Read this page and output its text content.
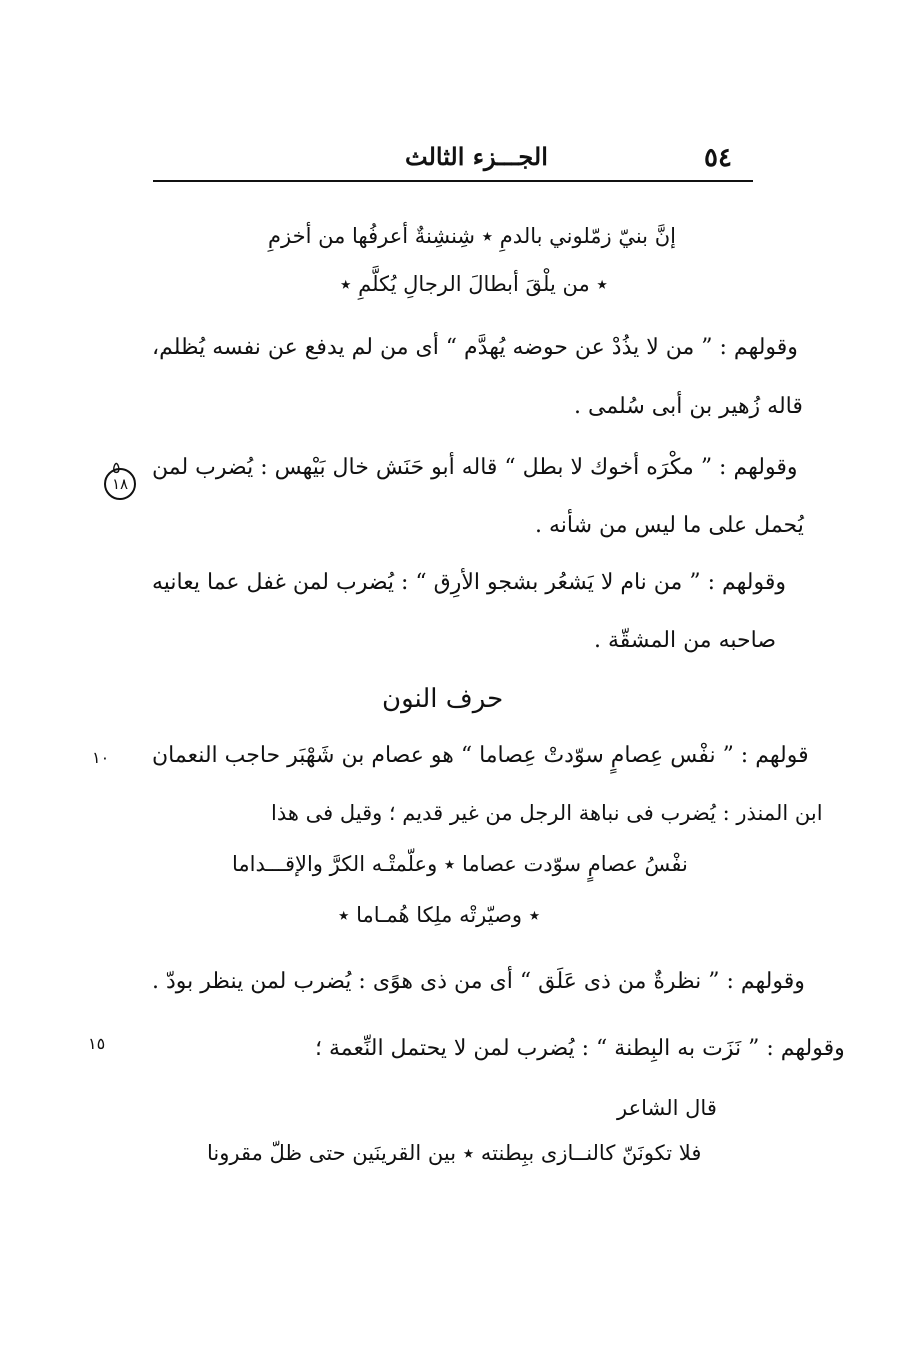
٥٤
الجـــزء الثالث
إنَّ بنيّ زمّلوني بالدمِ ٭ شِنشِنةٌ أعرفُها من أخزمِ
٭ من يلْقَ أبطالَ الرجالِ يُكلَّمِ ٭
وقولهم : ” من لا يذُدْ عن حوضه يُهدَّم “ أى من لم يدفع عن نفسه يُظلم،
قاله زُهير بن أبى سُلمى .
٥
١٨
وقولهم : ” مكْرَه أخوك لا بطل “ قاله أبو حَنَش خال بَيْهس : يُضرب لمن
يُحمل على ما ليس من شأنه .
وقولهم : ” من نام لا يَشعُر بشجو الأرِق “ : يُضرب لمن غفل عما يعانيه
صاحبه من المشقّة .
حرف النون
١٠ قولهم : ” نفْس عِصامٍ سوّدتْ عِصاما “ هو عصام بن شَهْبَر حاجب النعمان
ابن المنذر : يُضرب فى نباهة الرجل من غير قديم ؛ وقيل فى هذا
نفْسُ عصامٍ سوّدت عصاما ٭ وعلّمتْـه الكرَّ والإقـــداما
٭ وصيّرتْه ملِكا هُمـاما ٭
وقولهم : ” نظرةٌ من ذى عَلَق “ أى من ذى هوًى : يُضرب لمن ينظر بودّ .
١٥	وقولهم : ” نَزَت به البِطنة “ : يُضرب لمن لا يحتمل النِّعمة ؛
قال الشاعر
فلا تكونَنّ كالنــازى ببِطنته ٭ بين القرينَين حتى ظلّ مقرونا
